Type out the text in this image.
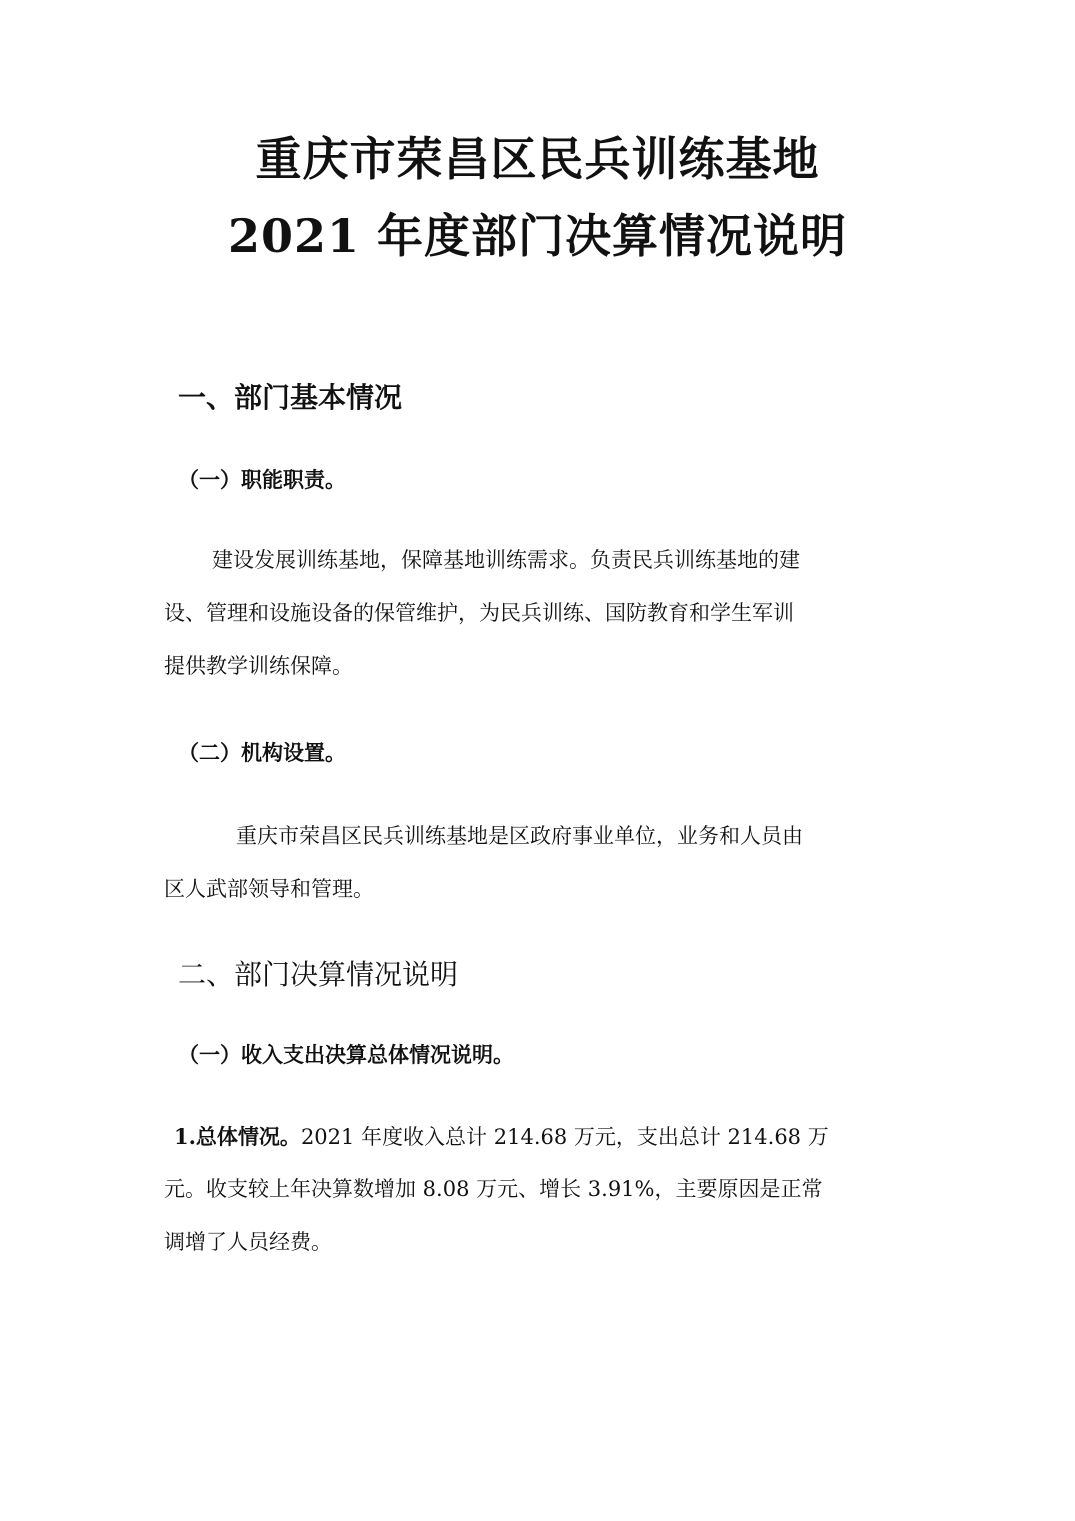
重庆市荣昌区民兵训练基地
2021 年度部门决算情况说明
一、部门基本情况
（一）职能职责。
建设发展训练基地，保障基地训练需求。负责民兵训练基地的建
设、管理和设施设备的保管维护，为民兵训练、国防教育和学生军训
提供教学训练保障。
（二）机构设置。
重庆市荣昌区民兵训练基地是区政府事业单位，业务和人员由
区人武部领导和管理。
二、部门决算情况说明
（一）收入支出决算总体情况说明。
1.总体情况。2021 年度收入总计 214.68 万元，支出总计 214.68 万
元。收支较上年决算数增加 8.08 万元、增长 3.91%，主要原因是正常
调增了人员经费。
